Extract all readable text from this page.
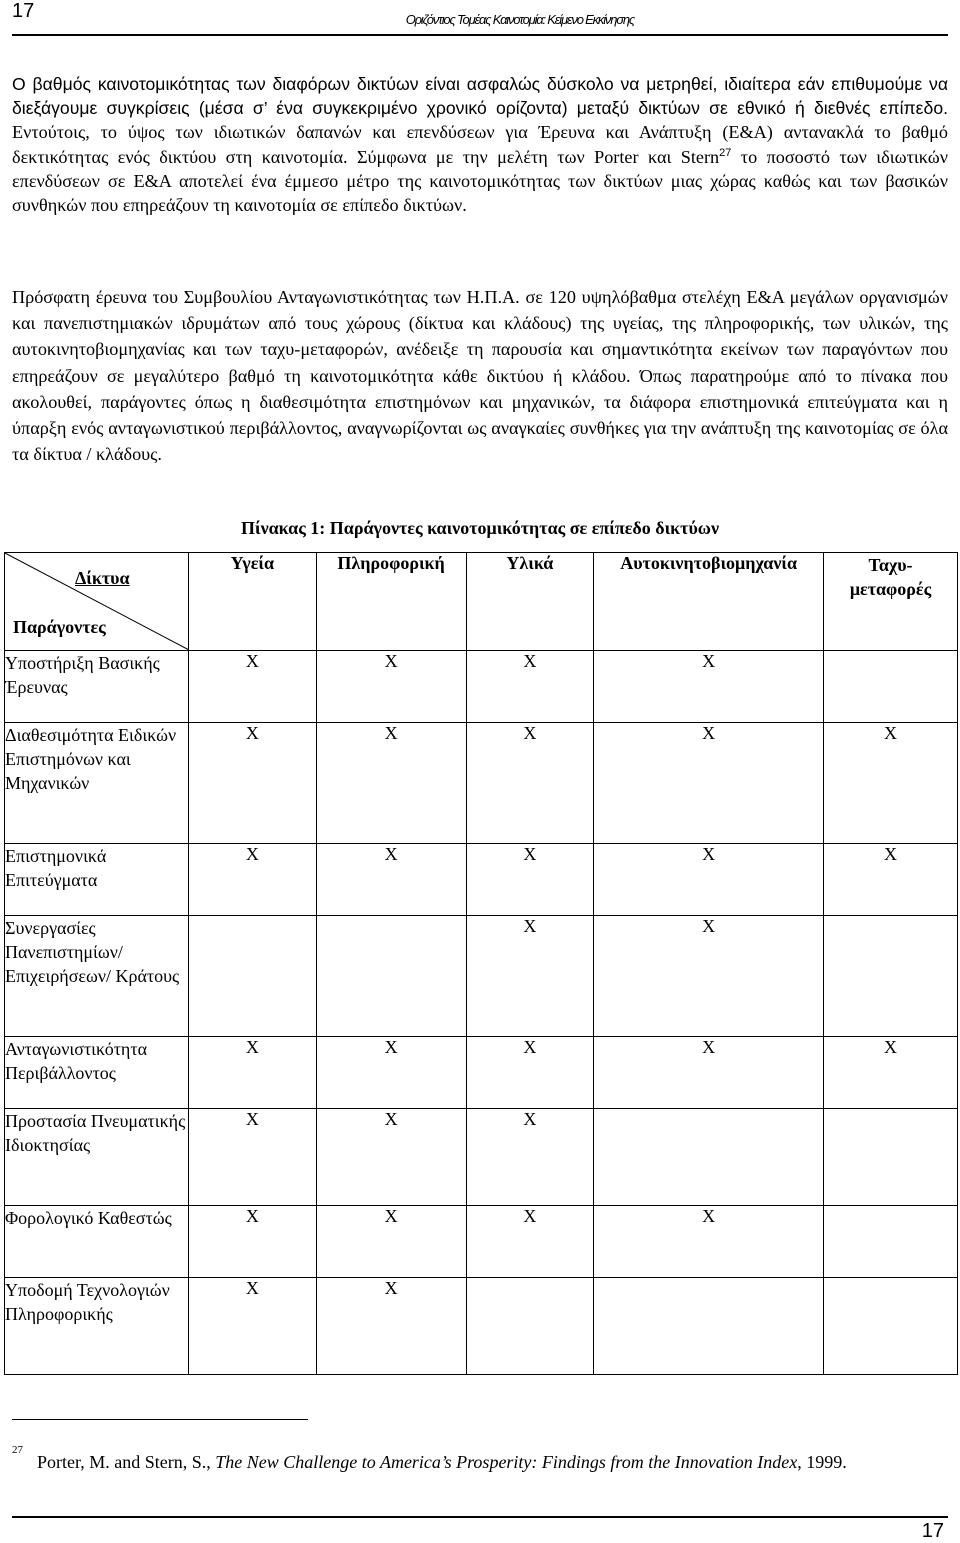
17	Οριζόντιος Τομέας Καινοτομία: Κείμενο Εκκίνησης
Ο βαθμός καινοτομικότητας των διαφόρων δικτύων είναι ασφαλώς δύσκολο να μετρηθεί, ιδιαίτερα εάν επιθυμούμε να διεξάγουμε συγκρίσεις (μέσα σ’ ένα συγκεκριμένο χρονικό ορίζοντα) μεταξύ δικτύων σε εθνικό ή διεθνές επίπεδο. Εντούτοις, το ύψος των ιδιωτικών δαπανών και επενδύσεων για Έρευνα και Ανάπτυξη (Ε&Α) αντανακλά το βαθμό δεκτικότητας ενός δικτύου στη καινοτομία. Σύμφωνα με την μελέτη των Porter και Stern$^{27}$ το ποσοστό των ιδιωτικών επενδύσεων σε Ε&Α αποτελεί ένα έμμεσο μέτρο της καινοτομικότητας των δικτύων μιας χώρας καθώς και των βασικών συνθηκών που επηρεάζουν τη καινοτομία σε επίπεδο δικτύων.
Πρόσφατη έρευνα του Συμβουλίου Ανταγωνιστικότητας των Η.Π.Α. σε 120 υψηλόβαθμα στελέχη Ε&Α μεγάλων οργανισμών και πανεπιστημιακών ιδρυμάτων από τους χώρους (δίκτυα και κλάδους) της υγείας, της πληροφορικής, των υλικών, της αυτοκινητοβιομηχανίας και των ταχυ-μεταφορών, ανέδειξε τη παρουσία και σημαντικότητα εκείνων των παραγόντων που επηρεάζουν σε μεγαλύτερο βαθμό τη καινοτομικότητα κάθε δικτύου ή κλάδου. Όπως παρατηρούμε από το πίνακα που ακολουθεί, παράγοντες όπως η διαθεσιμότητα επιστημόνων και μηχανικών, τα διάφορα επιστημονικά επιτεύγματα και η ύπαρξη ενός ανταγωνιστικού περιβάλλοντος, αναγνωρίζονται ως αναγκαίες συνθήκες για την ανάπτυξη της καινοτομίας σε όλα τα δίκτυα / κλάδους.
Πίνακας 1: Παράγοντες καινοτομικότητας σε επίπεδο δικτύων
Δίκτυα
Παράγοντες	Υγεία	Πληροφορική	Υλικά	Αυτοκινητοβιομηχανία	Ταχυ-μεταφορές
Υποστήριξη Βασικής Έρευνας	X	X	X	X	
Διαθεσιμότητα Ειδικών Επιστημόνων και Μηχανικών	X	X	X	X	X
Επιστημονικά Επιτεύγματα	X	X	X	X	X
Συνεργασίες Πανεπιστημίων/ Επιχειρήσεων/ Κράτους			X	X	
Ανταγωνιστικότητα Περιβάλλοντος	X	X	X	X	X
Προστασία Πνευματικής Ιδιοκτησίας	X	X	X		
Φορολογικό Καθεστώς	X	X	X	X	
Υποδομή Τεχνολογιών Πληροφορικής	X	X			
$^{27}$Porter, M. and Stern, S., The New Challenge to America’s Prosperity: Findings from the Innovation Index, 1999.
17
